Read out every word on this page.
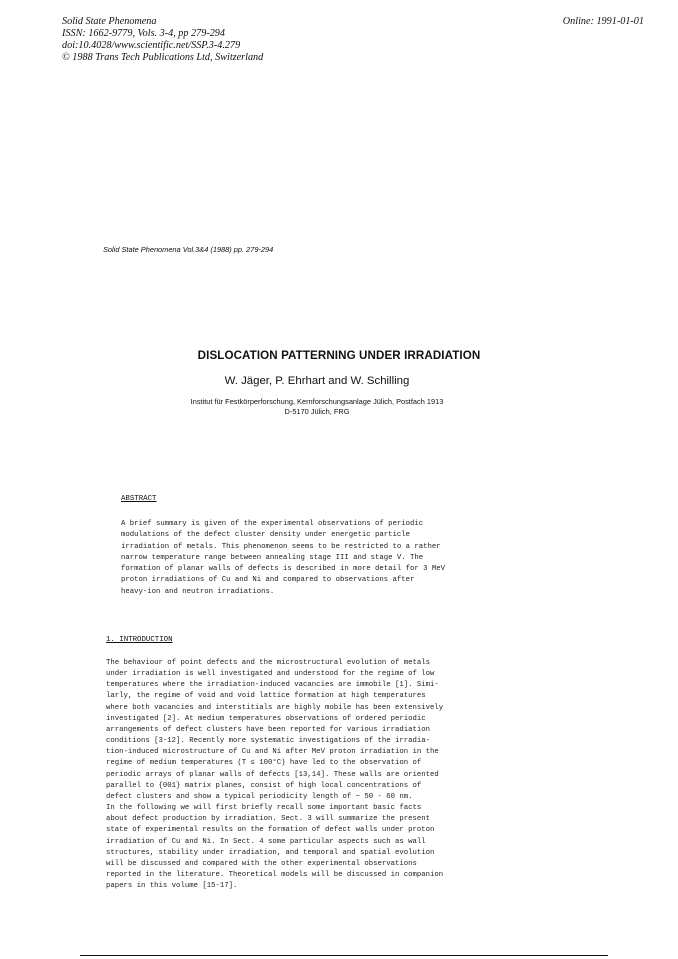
Solid State Phenomena
ISSN: 1662-9779, Vols. 3-4, pp 279-294
doi:10.4028/www.scientific.net/SSP.3-4.279
© 1988 Trans Tech Publications Ltd, Switzerland
Online: 1991-01-01
Solid State Phenomena Vol.3&4 (1988) pp. 279-294
DISLOCATION PATTERNING UNDER IRRADIATION
W. Jäger, P. Ehrhart and W. Schilling
Institut für Festkörperforschung, Kernforschungsanlage Jülich, Postfach 1913
D-5170 Jülich, FRG
ABSTRACT
A brief summary is given of the experimental observations of periodic
modulations of the defect cluster density under energetic particle
irradiation of metals. This phenomenon seems to be restricted to a rather
narrow temperature range between annealing stage III and stage V. The
formation of planar walls of defects is described in more detail for 3 MeV
proton irradiations of Cu and Ni and compared to observations after
heavy-ion and neutron irradiations.
1. INTRODUCTION
The behaviour of point defects and the microstructural evolution of metals
under irradiation is well investigated and understood for the regime of low
temperatures where the irradiation-induced vacancies are immobile [1]. Simi-
larly, the regime of void and void lattice formation at high temperatures
where both vacancies and interstitials are highly mobile has been extensively
investigated [2]. At medium temperatures observations of ordered periodic
arrangements of defect clusters have been reported for various irradiation
conditions [3-12]. Recently more systematic investigations of the irradia-
tion-induced microstructure of Cu and Ni after MeV proton irradiation in the
regime of medium temperatures (T ≤ 100°C) have led to the observation of
periodic arrays of planar walls of defects [13,14]. These walls are oriented
parallel to {001} matrix planes, consist of high local concentrations of
defect clusters and show a typical periodicity length of ~ 50 - 60 nm.
In the following we will first briefly recall some important basic facts
about defect production by irradiation. Sect. 3 will summarize the present
state of experimental results on the formation of defect walls under proton
irradiation of Cu and Ni. In Sect. 4 some particular aspects such as wall
structures, stability under irradiation, and temporal and spatial evolution
will be discussed and compared with the other experimental observations
reported in the literature. Theoretical models will be discussed in companion
papers in this volume [15-17].
